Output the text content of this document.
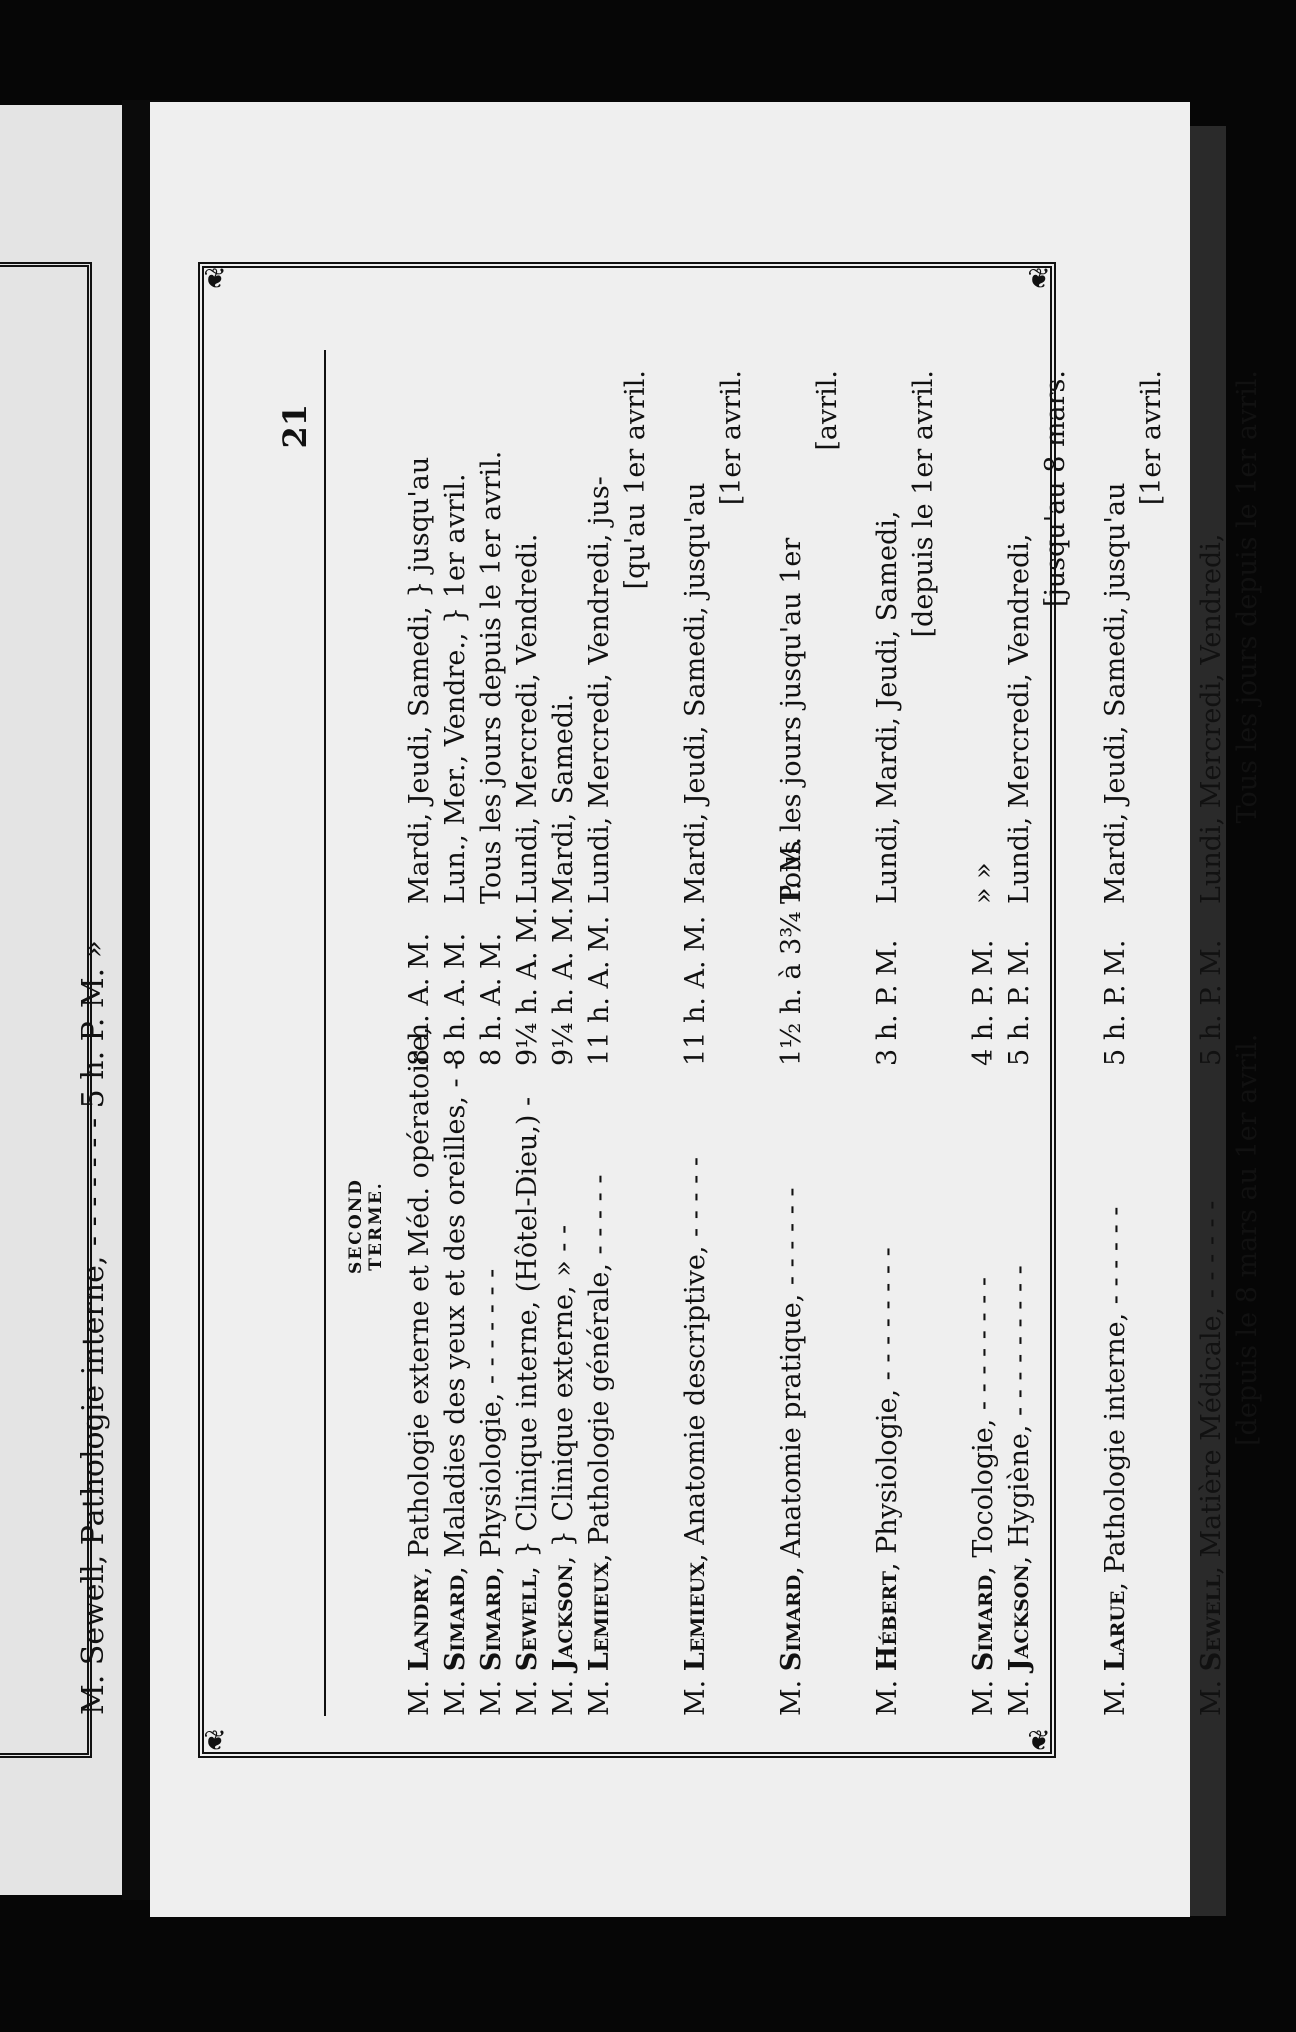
M. Sewell, Pathologie interne, - - - - - - - 5 h. P. M. »
❦	❦
❦	❦
21
SECOND TERME.
M. Landry, Pathologie externe et Méd. opératoire,
8 h. A. M.
Mardi, Jeudi, Samedi, } jusqu'au
M. Simard, Maladies des yeux et des oreilles, - -
8 h. A. M.
Lun., Mer., Vendre., } 1er avril.
M. Simard, Physiologie, - - - - - - -
8 h. A. M.
Tous les jours depuis le 1er avril.
M. Sewell, } Clinique interne, (Hôtel-Dieu,) -
9¼ h. A. M.
Lundi, Mercredi, Vendredi.
M. Jackson, } Clinique externe, » - -
9¼ h. A. M.
Mardi, Samedi.
M. Lemieux, Pathologie générale, - - - - -
11 h. A. M.
Lundi, Mercredi, Vendredi, jus- [qu'au 1er avril.
M. Lemieux, Anatomie descriptive, - - - - -
11 h. A. M.
Mardi, Jeudi, Samedi, jusqu'au
[1er avril.
M. Simard, Anatomie pratique, - - - - - -
1½ h. à 3¾ P. M.
Tous les jours jusqu'au 1er
[avril.
M. Hébert, Physiologie, - - - - - - - -
3 h. P. M.
Lundi, Mardi, Jeudi, Samedi,
[depuis le 1er avril.
M. Simard, Tocologie, - - - - - - - -
4 h. P. M.
» »
M. Jackson, Hygiène, - - - - - - - - -
5 h. P. M.
Lundi, Mercredi, Vendredi,
[jusqu'au 8 mars.
M. Larue, Pathologie interne, - - - - - -
5 h. P. M.
Mardi, Jeudi, Samedi, jusqu'au
[1er avril.
M. Sewell, Matière Médicale, - - - - - -
5 h. P. M.
Lundi, Mercredi, Vendredi,
[depuis le 8 mars au 1er avril.
Tous les jours depuis le 1er avril.
